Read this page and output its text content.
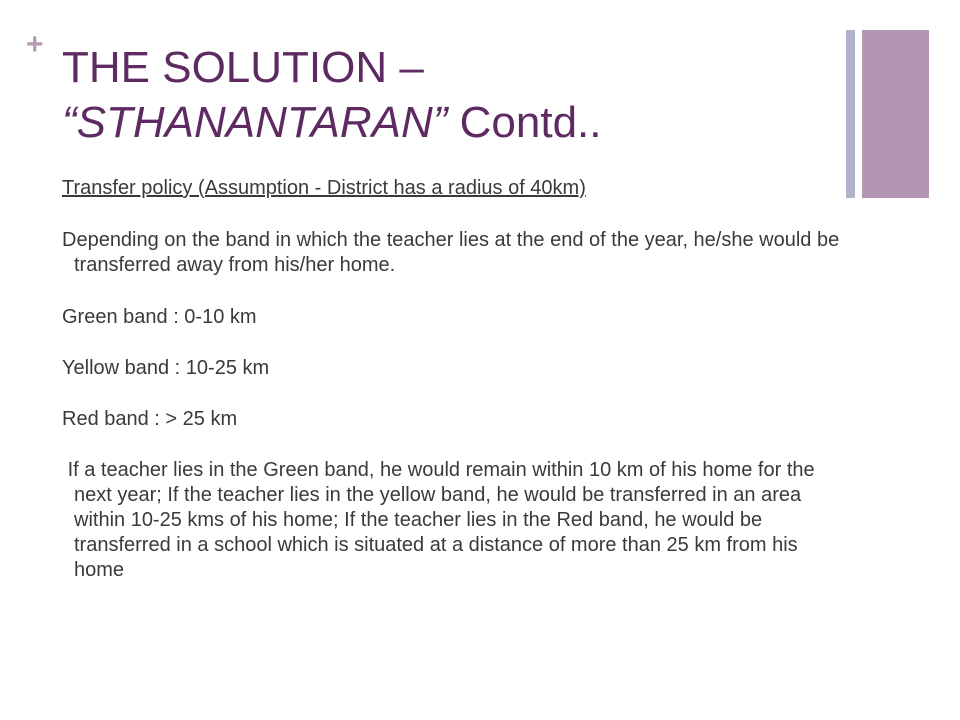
+ THE SOLUTION –
“STHANANTARAN” Contd..

Transfer policy (Assumption - District has a radius of 40km)

Depending on the band in which the teacher lies at the end of the year, he/she would be transferred away from his/her home.

Green band : 0-10 km

Yellow band : 10-25 km

Red band : > 25 km

If a teacher lies in the Green band, he would remain within 10 km of his home for the next year; If the teacher lies in the yellow band, he would be transferred in an area within 10-25 kms of his home; If the teacher lies in the Red band, he would be transferred in a school which is situated at a distance of more than 25 km from his home
